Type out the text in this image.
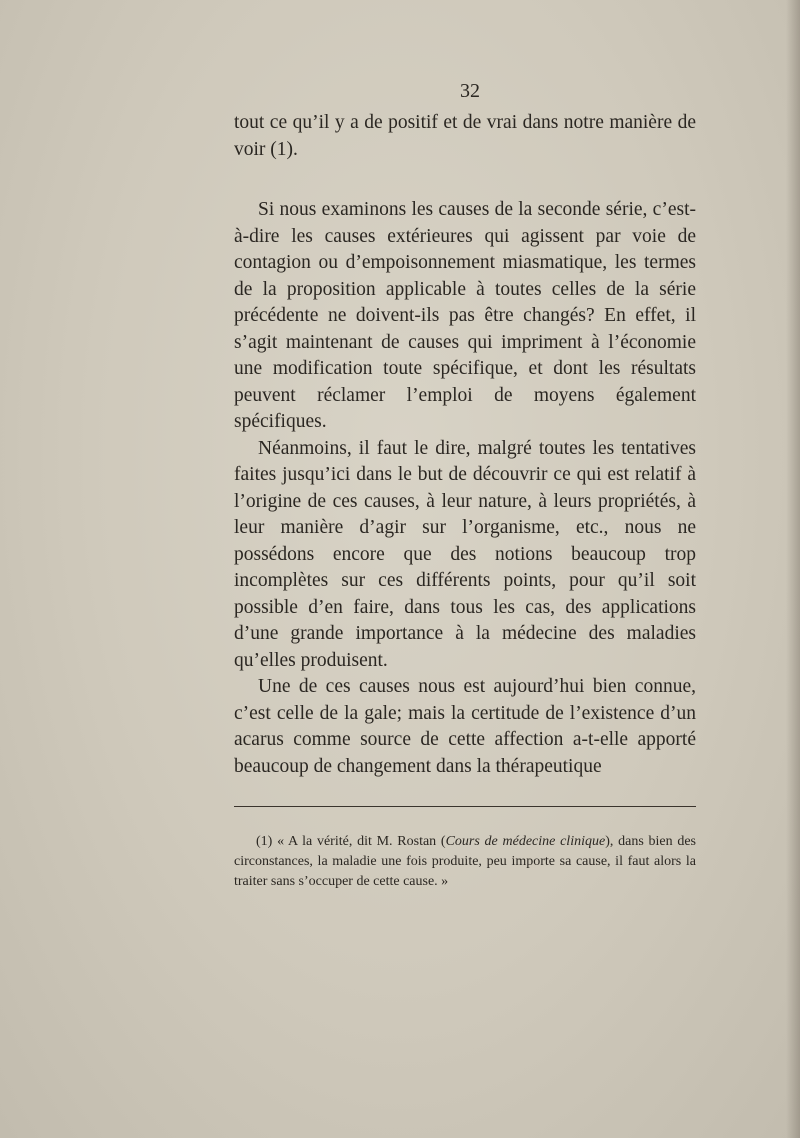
32

tout ce qu’il y a de positif et de vrai dans notre manière de voir (1).

Si nous examinons les causes de la seconde série, c’est-à-dire les causes extérieures qui agissent par voie de contagion ou d’empoisonnement miasmatique, les termes de la proposition applicable à toutes celles de la série précédente ne doivent-ils pas être changés? En effet, il s’agit maintenant de causes qui impriment à l’économie une modification toute spécifique, et dont les résultats peuvent réclamer l’emploi de moyens également spécifiques.

Néanmoins, il faut le dire, malgré toutes les tentatives faites jusqu’ici dans le but de découvrir ce qui est relatif à l’origine de ces causes, à leur nature, à leurs propriétés, à leur manière d’agir sur l’organisme, etc., nous ne possédons encore que des notions beaucoup trop incomplètes sur ces différents points, pour qu’il soit possible d’en faire, dans tous les cas, des applications d’une grande importance à la médecine des maladies qu’elles produisent.

Une de ces causes nous est aujourd’hui bien connue, c’est celle de la gale; mais la certitude de l’existence d’un acarus comme source de cette affection a-t-elle apporté beaucoup de changement dans la thérapeutique

(1) « A la vérité, dit M. Rostan (Cours de médecine clinique), dans bien des circonstances, la maladie une fois produite, peu importe sa cause, il faut alors la traiter sans s’occuper de cette cause. »
